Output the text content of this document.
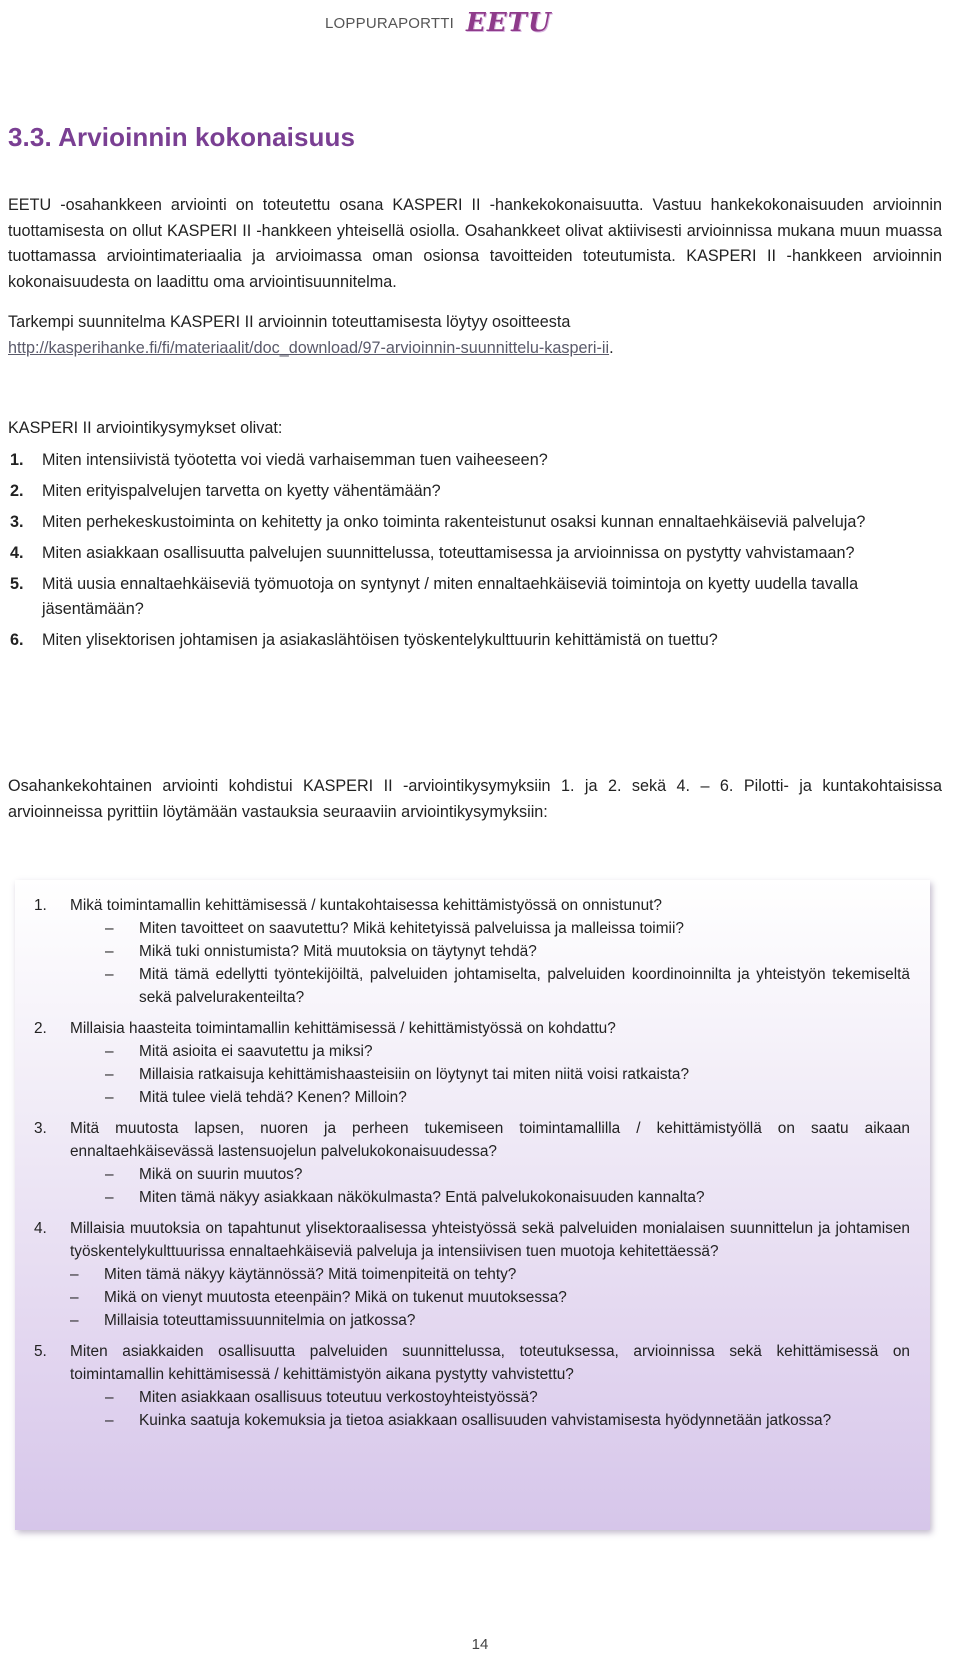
LOPPURAPORTTI EETU
3.3. Arvioinnin kokonaisuus
EETU -osahankkeen arviointi on toteutettu osana KASPERI II -hankekokonaisuutta. Vastuu hankekokonaisuuden arvioinnin tuottamisesta on ollut KASPERI II -hankkeen yhteisellä osiolla. Osahankkeet olivat aktiivisesti arvioinnissa mukana muun muassa tuottamassa arviointimateriaalia ja arvioimassa oman osionsa tavoitteiden toteutumista. KASPERI II -hankkeen arvioinnin kokonaisuudesta on laadittu oma arviointisuunnitelma.
Tarkempi suunnitelma KASPERI II arvioinnin toteuttamisesta löytyy osoitteesta
http://kasperihanke.fi/fi/materiaalit/doc_download/97-arvioinnin-suunnittelu-kasperi-ii.
KASPERI II arviointikysymykset olivat:
1.	Miten intensiivistä työotetta voi viedä varhaisemman tuen vaiheeseen?
2.	Miten erityispalvelujen tarvetta on kyetty vähentämään?
3.	Miten perhekeskustoiminta on kehitetty ja onko toiminta rakenteistunut osaksi kunnan ennaltaehkäiseviä palveluja?
4.	Miten asiakkaan osallisuutta palvelujen suunnittelussa, toteuttamisessa ja arvioinnissa on pystytty vahvistamaan?
5.	Mitä uusia ennaltaehkäiseviä työmuotoja on syntynyt / miten ennaltaehkäiseviä toimintoja on kyetty uudella tavalla jäsentämään?
6.	Miten ylisektorisen johtamisen ja asiakaslähtöisen työskentelykulttuurin kehittämistä on tuettu?
Osahankekohtainen arviointi kohdistui KASPERI II -arviointikysymyksiin 1. ja 2. sekä 4. – 6. Pilotti- ja kuntakohtaisissa arvioinneissa pyrittiin löytämään vastauksia seuraaviin arviointikysymyksiin:
1.	Mikä toimintamallin kehittämisessä / kuntakohtaisessa kehittämistyössä on onnistunut?
–	Miten tavoitteet on saavutettu? Mikä kehitetyissä palveluissa ja malleissa toimii?
–	Mikä tuki onnistumista? Mitä muutoksia on täytynyt tehdä?
–	Mitä tämä edellytti työntekijöiltä, palveluiden johtamiselta, palveluiden koordinoinnilta ja yhteistyön tekemiseltä sekä palvelurakenteilta?
2.	Millaisia haasteita toimintamallin kehittämisessä / kehittämistyössä on kohdattu?
–	Mitä asioita ei saavutettu ja miksi?
–	Millaisia ratkaisuja kehittämishaasteisiin on löytynyt tai miten niitä voisi ratkaista?
–	Mitä tulee vielä tehdä? Kenen? Milloin?
3.	Mitä muutosta lapsen, nuoren ja perheen tukemiseen toimintamallilla / kehittämistyöllä on saatu aikaan ennaltaehkäisevässä lastensuojelun palvelukokonaisuudessa?
–	Mikä on suurin muutos?
–	Miten tämä näkyy asiakkaan näkökulmasta? Entä palvelukokonaisuuden kannalta?
4.	Millaisia muutoksia on tapahtunut ylisektoraalisessa yhteistyössä sekä palveluiden monialaisen suunnittelun ja johtamisen työskentelykulttuurissa ennaltaehkäiseviä palveluja ja intensiivisen tuen muotoja kehitettäessä?
–	Miten tämä näkyy käytännössä? Mitä toimenpiteitä on tehty?
–	Mikä on vienyt muutosta eteenpäin? Mikä on tukenut muutoksessa?
–	Millaisia toteuttamissuunnitelmia on jatkossa?
5.	Miten asiakkaiden osallisuutta palveluiden suunnittelussa, toteutuksessa, arvioinnissa sekä kehittämisessä on toimintamallin kehittämisessä / kehittämistyön aikana pystytty vahvistettu?
–	Miten asiakkaan osallisuus toteutuu verkostoyhteistyössä?
–	Kuinka saatuja kokemuksia ja tietoa asiakkaan osallisuuden vahvistamisesta hyödynnetään jatkossa?
14
